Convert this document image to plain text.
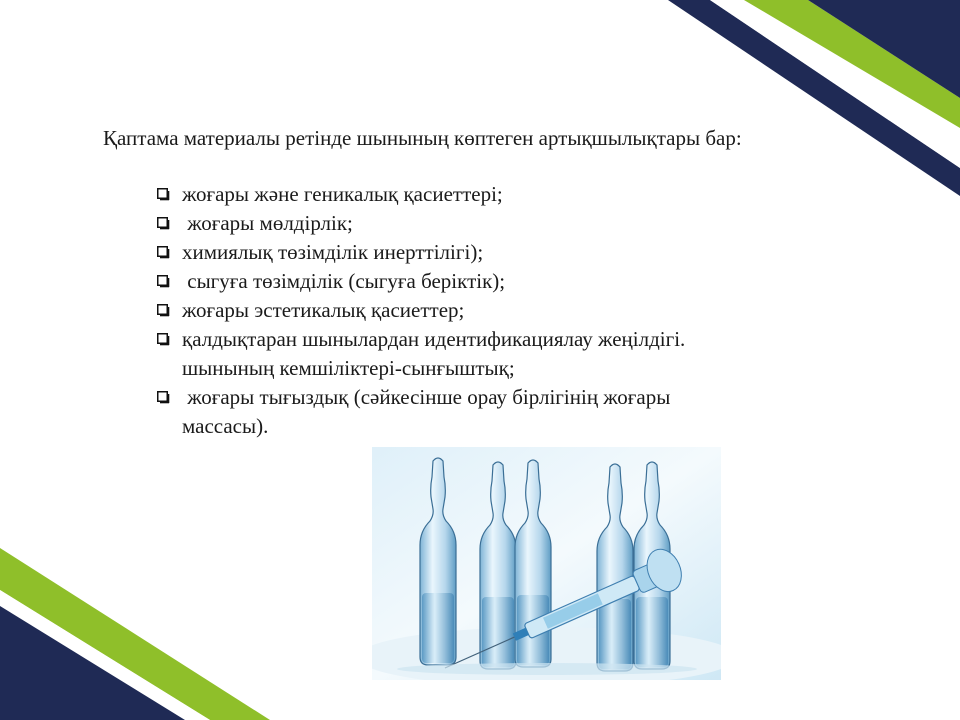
Қаптама материалы ретінде шынының көптеген артықшылықтары бар:
жоғары және геникалық қасиеттері;
жоғары мөлдірлік;
химиялық төзімділік инерттілігі);
сыгуға төзімділік (сыгуға беріктік);
жоғары эстетикалық қасиеттер;
қалдықтаран шынылардан идентификациялау жеңілдігі.
шынының кемшіліктері-сынғыштық;
жоғары тығыздық (сәйкесінше орау бірлігінің жоғары
массасы).
